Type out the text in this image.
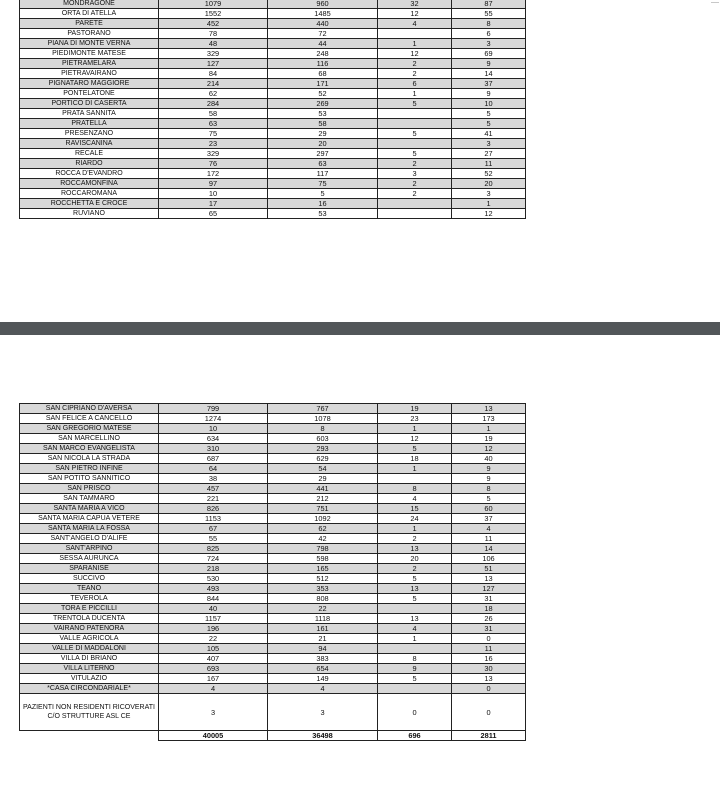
MONDRAGONE	1079	960	32	87
ORTA DI ATELLA	1552	1485	12	55
PARETE	452	440	4	8
PASTORANO	78	72		6
PIANA DI MONTE VERNA	48	44	1	3
PIEDIMONTE MATESE	329	248	12	69
PIETRAMELARA	127	116	2	9
PIETRAVAIRANO	84	68	2	14
PIGNATARO MAGGIORE	214	171	6	37
PONTELATONE	62	52	1	9
PORTICO DI CASERTA	284	269	5	10
PRATA SANNITA	58	53		5
PRATELLA	63	58		5
PRESENZANO	75	29	5	41
RAVISCANINA	23	20		3
RECALE	329	297	5	27
RIARDO	76	63	2	11
ROCCA D'EVANDRO	172	117	3	52
ROCCAMONFINA	97	75	2	20
ROCCAROMANA	10	5	2	3
ROCCHETTA E CROCE	17	16		1
RUVIANO	65	53		12
SAN CIPRIANO D'AVERSA	799	767	19	13
SAN FELICE A CANCELLO	1274	1078	23	173
SAN GREGORIO MATESE	10	8	1	1
SAN MARCELLINO	634	603	12	19
SAN MARCO EVANGELISTA	310	293	5	12
SAN NICOLA LA STRADA	687	629	18	40
SAN PIETRO INFINE	64	54	1	9
SAN POTITO SANNITICO	38	29		9
SAN PRISCO	457	441	8	8
SAN TAMMARO	221	212	4	5
SANTA MARIA A VICO	826	751	15	60
SANTA MARIA CAPUA VETERE	1153	1092	24	37
SANTA MARIA LA FOSSA	67	62	1	4
SANT'ANGELO D'ALIFE	55	42	2	11
SANT'ARPINO	825	798	13	14
SESSA AURUNCA	724	598	20	106
SPARANISE	218	165	2	51
SUCCIVO	530	512	5	13
TEANO	493	353	13	127
TEVEROLA	844	808	5	31
TORA E PICCILLI	40	22		18
TRENTOLA DUCENTA	1157	1118	13	26
VAIRANO PATENORA	196	161	4	31
VALLE AGRICOLA	22	21	1	0
VALLE DI MADDALONI	105	94		11
VILLA DI BRIANO	407	383	8	16
VILLA LITERNO	693	654	9	30
VITULAZIO	167	149	5	13
*CASA CIRCONDARIALE*	4	4		0
PAZIENTI NON RESIDENTI RICOVERATI C/O STRUTTURE ASL CE	3	3	0	0
	40005	36498	696	2811
